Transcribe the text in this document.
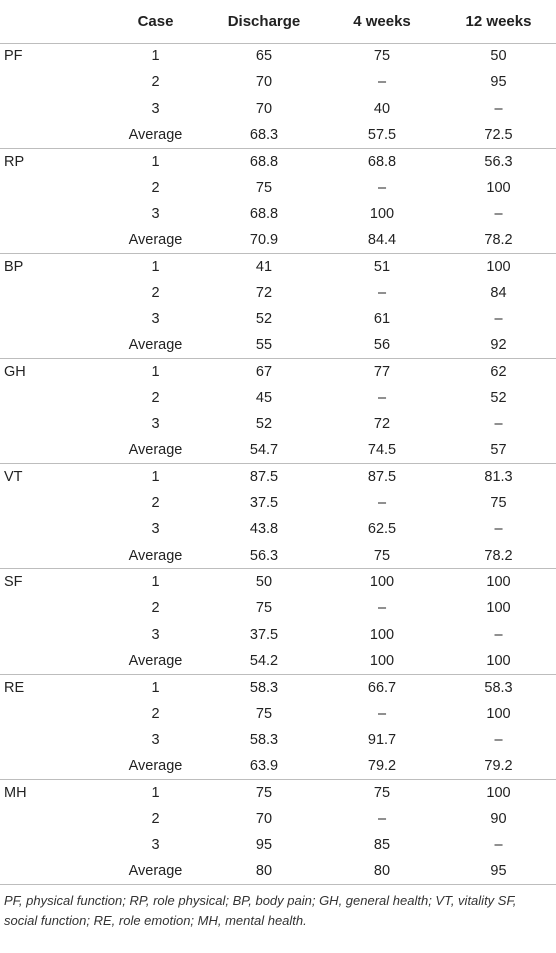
	Case	Discharge	4 weeks	12 weeks
PF	1	65	75	50
	2	70	–	95
	3	70	40	–
	Average	68.3	57.5	72.5
RP	1	68.8	68.8	56.3
	2	75	–	100
	3	68.8	100	–
	Average	70.9	84.4	78.2
BP	1	41	51	100
	2	72	–	84
	3	52	61	–
	Average	55	56	92
GH	1	67	77	62
	2	45	–	52
	3	52	72	–
	Average	54.7	74.5	57
VT	1	87.5	87.5	81.3
	2	37.5	–	75
	3	43.8	62.5	–
	Average	56.3	75	78.2
SF	1	50	100	100
	2	75	–	100
	3	37.5	100	–
	Average	54.2	100	100
RE	1	58.3	66.7	58.3
	2	75	–	100
	3	58.3	91.7	–
	Average	63.9	79.2	79.2
MH	1	75	75	100
	2	70	–	90
	3	95	85	–
	Average	80	80	95
PF, physical function; RP, role physical; BP, body pain; GH, general health; VT, vitality SF, social function; RE, role emotion; MH, mental health.
